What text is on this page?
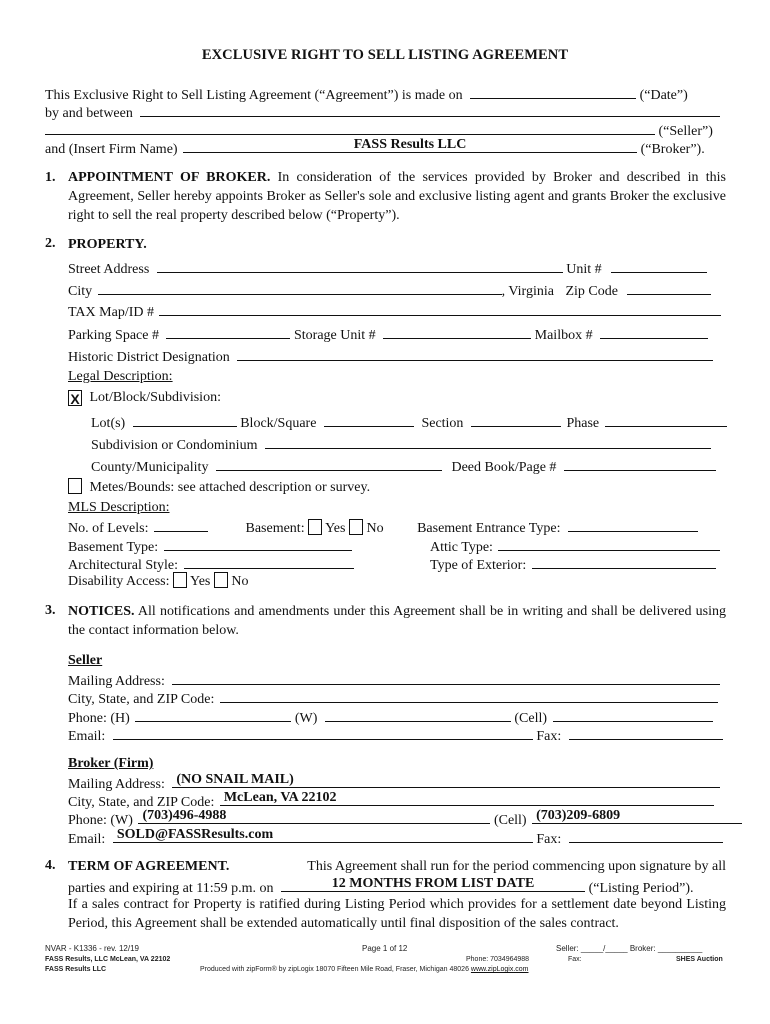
EXCLUSIVE RIGHT TO SELL LISTING AGREEMENT
This Exclusive Right to Sell Listing Agreement (“Agreement”) is made on	(“Date”)
by and between
(“Seller”)
and (Insert Firm Name)	FASS Results LLC	(“Broker”).
1. APPOINTMENT OF BROKER. In consideration of the services provided by Broker and described in this Agreement, Seller hereby appoints Broker as Seller's sole and exclusive listing agent and grants Broker the exclusive right to sell the real property described below (“Property”).
2. PROPERTY.
Street Address	Unit #
City	, Virginia Zip Code
TAX Map/ID #
Parking Space #	Storage Unit #	Mailbox #
Historic District Designation
Legal Description:
X Lot/Block/Subdivision:
Lot(s)	Block/Square	Section	Phase
Subdivision or Condominium
County/Municipality	Deed Book/Page #
Metes/Bounds: see attached description or survey.
MLS Description:
No. of Levels:	Basement: Yes No Basement Entrance Type:
Basement Type:	Attic Type:
Architectural Style:	Type of Exterior:
Disability Access: Yes No
3. NOTICES. All notifications and amendments under this Agreement shall be in writing and shall be delivered using the contact information below.
Seller
Mailing Address:
City, State, and ZIP Code:
Phone: (H)	(W)	(Cell)
Email:	Fax:
Broker (Firm)
Mailing Address: (NO SNAIL MAIL)
City, State, and ZIP Code: McLean, VA 22102
Phone: (W) (703)496-4988	(Cell) (703)209-6809
Email: SOLD@FASSResults.com	Fax:
4. TERM OF AGREEMENT.	This Agreement shall run for the period commencing upon signature by all
parties and expiring at 11:59 p.m. on	12 MONTHS FROM LIST DATE	(“Listing Period”).
If a sales contract for Property is ratified during Listing Period which provides for a settlement date beyond Listing Period, this Agreement shall be extended automatically until final disposition of the sales contract.
NVAR - K1336 - rev. 12/19	Page 1 of 12	Seller: _____/_____ Broker: __________
FASS Results, LLC McLean, VA 22102	Phone: 7034964988	Fax:	SHES Auction
FASS Results LLC	Produced with zipForm® by zipLogix 18070 Fifteen Mile Road, Fraser, Michigan 48026 www.zipLogix.com
